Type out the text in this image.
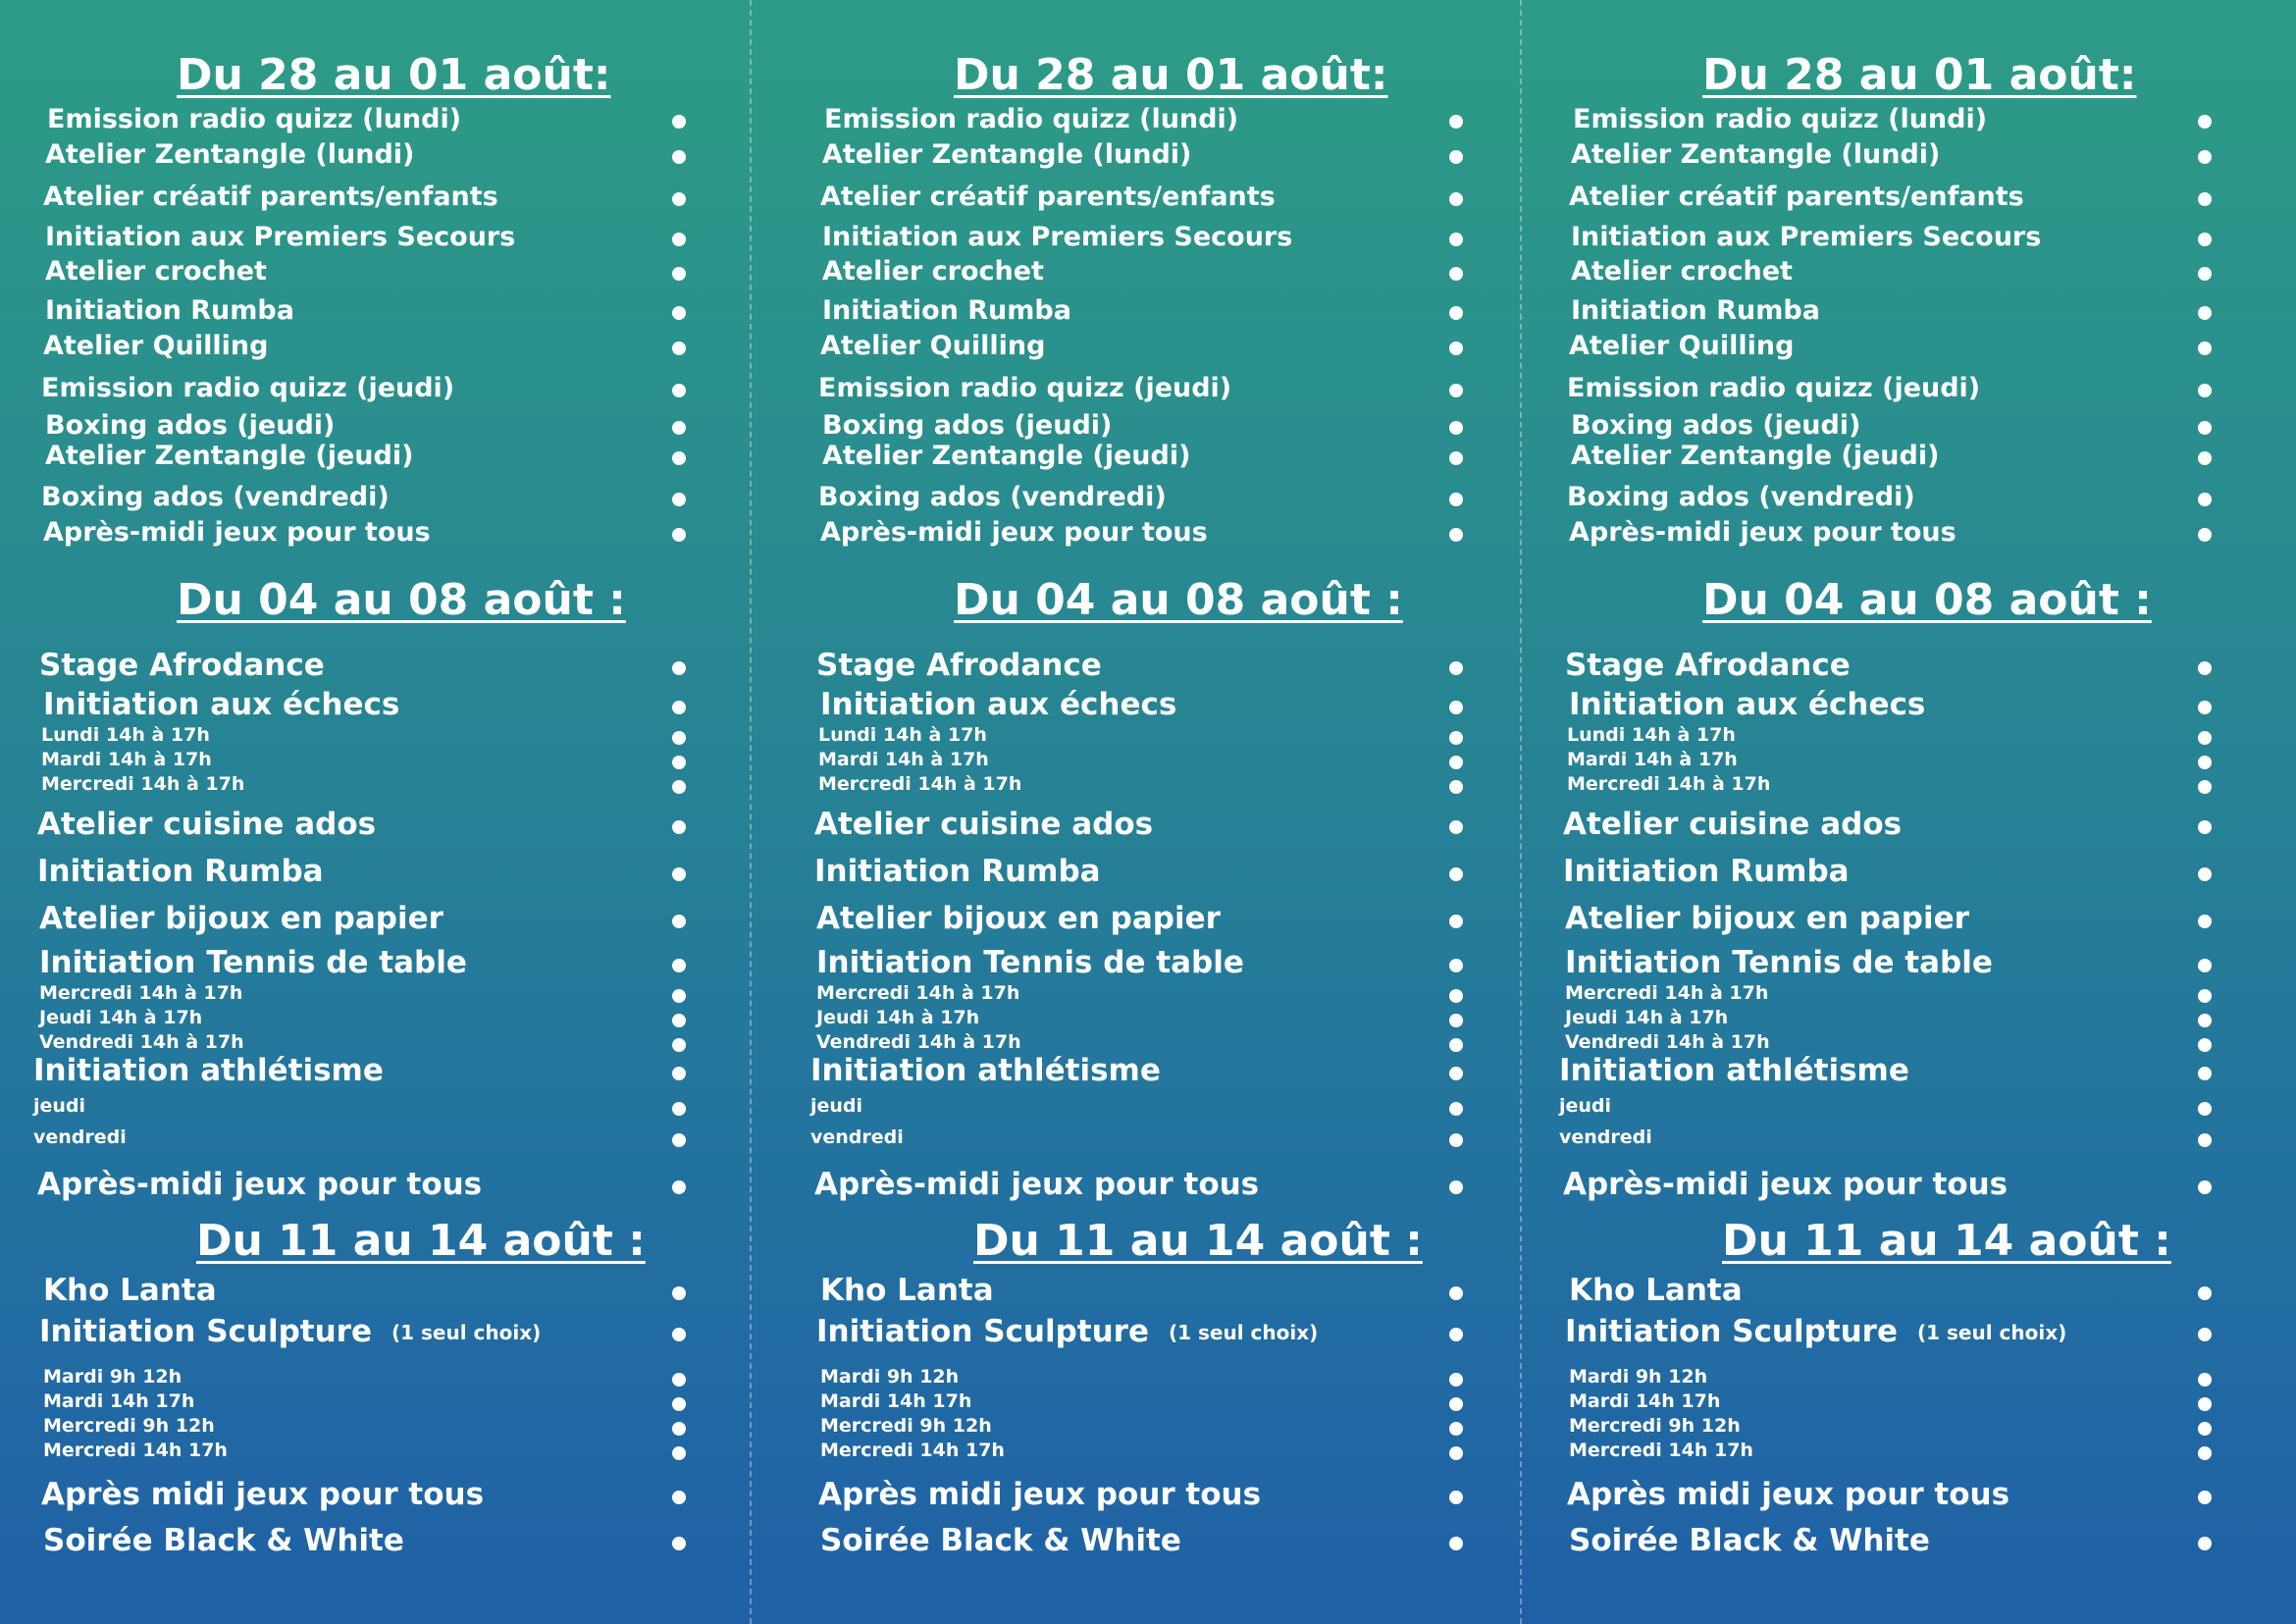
Du 28 au 01 août:
Emission radio quizz (lundi)
Atelier Zentangle (lundi)
Atelier créatif parents/enfants
Initiation aux Premiers Secours
Atelier crochet
Initiation Rumba
Atelier Quilling
Emission radio quizz (jeudi)
Boxing ados (jeudi)
Atelier Zentangle (jeudi)
Boxing ados (vendredi)
Après-midi jeux pour tous
Du 04 au 08 août :
Stage Afrodance
Initiation aux échecs
Lundi 14h à 17h
Mardi 14h à 17h
Mercredi 14h à 17h
Atelier cuisine ados
Initiation Rumba
Atelier bijoux en papier
Initiation Tennis de table
Mercredi 14h à 17h
Jeudi 14h à 17h
Vendredi 14h à 17h
Initiation athlétisme
jeudi
vendredi
Après-midi jeux pour tous
Du 11 au 14 août :
Kho Lanta
Initiation Sculpture (1 seul choix)
Mardi 9h 12h
Mardi 14h 17h
Mercredi 9h 12h
Mercredi 14h 17h
Après midi jeux pour tous
Soirée Black & White
Du 28 au 01 août:
Emission radio quizz (lundi)
Atelier Zentangle (lundi)
Atelier créatif parents/enfants
Initiation aux Premiers Secours
Atelier crochet
Initiation Rumba
Atelier Quilling
Emission radio quizz (jeudi)
Boxing ados (jeudi)
Atelier Zentangle (jeudi)
Boxing ados (vendredi)
Après-midi jeux pour tous
Du 04 au 08 août :
Stage Afrodance
Initiation aux échecs
Lundi 14h à 17h
Mardi 14h à 17h
Mercredi 14h à 17h
Atelier cuisine ados
Initiation Rumba
Atelier bijoux en papier
Initiation Tennis de table
Mercredi 14h à 17h
Jeudi 14h à 17h
Vendredi 14h à 17h
Initiation athlétisme
jeudi
vendredi
Après-midi jeux pour tous
Du 11 au 14 août :
Kho Lanta
Initiation Sculpture (1 seul choix)
Mardi 9h 12h
Mardi 14h 17h
Mercredi 9h 12h
Mercredi 14h 17h
Après midi jeux pour tous
Soirée Black & White
Du 28 au 01 août:
Emission radio quizz (lundi)
Atelier Zentangle (lundi)
Atelier créatif parents/enfants
Initiation aux Premiers Secours
Atelier crochet
Initiation Rumba
Atelier Quilling
Emission radio quizz (jeudi)
Boxing ados (jeudi)
Atelier Zentangle (jeudi)
Boxing ados (vendredi)
Après-midi jeux pour tous
Du 04 au 08 août :
Stage Afrodance
Initiation aux échecs
Lundi 14h à 17h
Mardi 14h à 17h
Mercredi 14h à 17h
Atelier cuisine ados
Initiation Rumba
Atelier bijoux en papier
Initiation Tennis de table
Mercredi 14h à 17h
Jeudi 14h à 17h
Vendredi 14h à 17h
Initiation athlétisme
jeudi
vendredi
Après-midi jeux pour tous
Du 11 au 14 août :
Kho Lanta
Initiation Sculpture (1 seul choix)
Mardi 9h 12h
Mardi 14h 17h
Mercredi 9h 12h
Mercredi 14h 17h
Après midi jeux pour tous
Soirée Black & White
